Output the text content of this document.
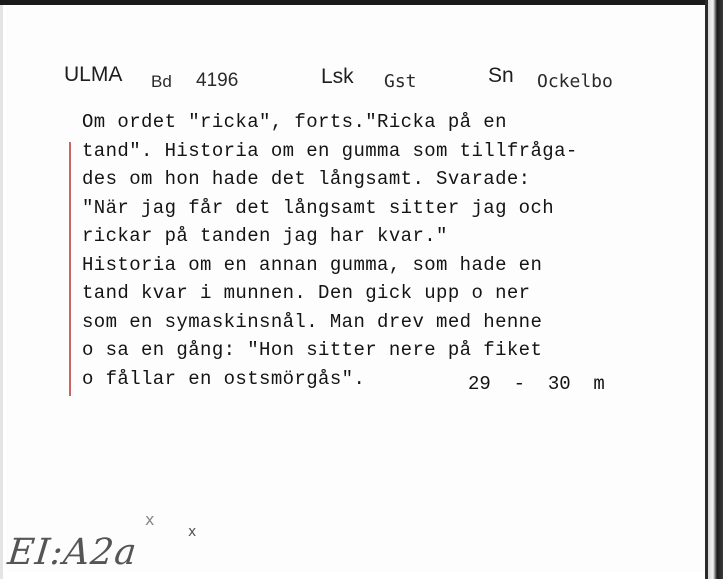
ULMA Bd 4196	Lsk Gst	Sn Ockelbo
Om ordet "ricka", forts."Ricka på en
tand". Historia om en gumma som tillfråga-
des om hon hade det långsamt. Svarade:
"När jag får det långsamt sitter jag och
rickar på tanden jag har kvar."
Historia om en annan gumma, som hade en
tand kvar i munnen. Den gick upp o ner
som en symaskinsnål. Man drev med henne
o sa en gång: "Hon sitter nere på fiket
o fållar en ostsmörgås".	29  -  30  m
x
x
EI:A2a
